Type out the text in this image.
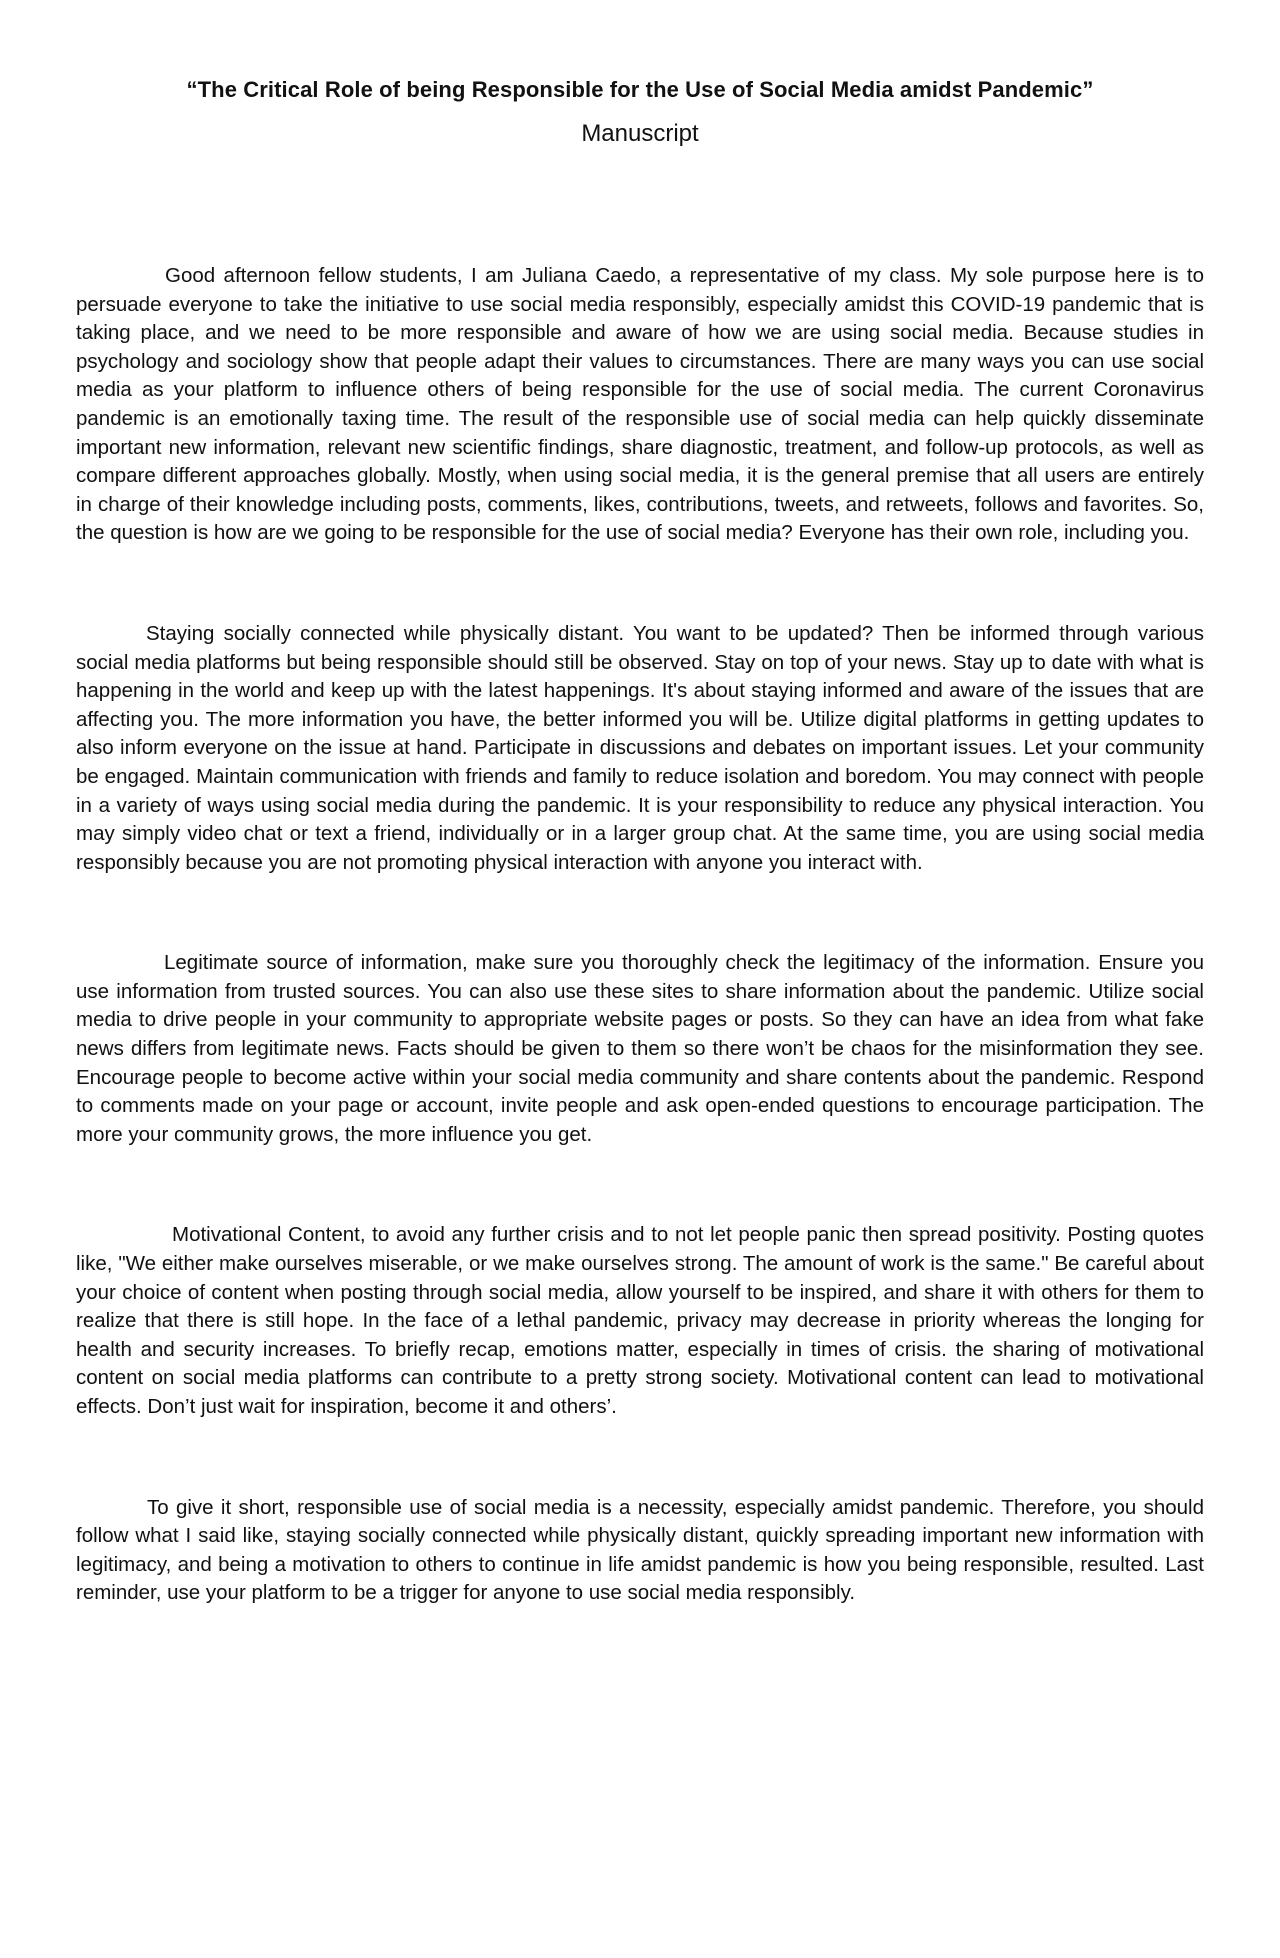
“The Critical Role of being Responsible for the Use of Social Media amidst Pandemic”
Manuscript

Good afternoon fellow students, I am Juliana Caedo, a representative of my class. My sole purpose here is to persuade everyone to take the initiative to use social media responsibly, especially amidst this COVID-19 pandemic that is taking place, and we need to be more responsible and aware of how we are using social media. Because studies in psychology and sociology show that people adapt their values to circumstances. There are many ways you can use social media as your platform to influence others of being responsible for the use of social media. The current Coronavirus pandemic is an emotionally taxing time. The result of the responsible use of social media can help quickly disseminate important new information, relevant new scientific findings, share diagnostic, treatment, and follow-up protocols, as well as compare different approaches globally. Mostly, when using social media, it is the general premise that all users are entirely in charge of their knowledge including posts, comments, likes, contributions, tweets, and retweets, follows and favorites. So, the question is how are we going to be responsible for the use of social media? Everyone has their own role, including you.

Staying socially connected while physically distant. You want to be updated? Then be informed through various social media platforms but being responsible should still be observed. Stay on top of your news. Stay up to date with what is happening in the world and keep up with the latest happenings. It's about staying informed and aware of the issues that are affecting you. The more information you have, the better informed you will be. Utilize digital platforms in getting updates to also inform everyone on the issue at hand. Participate in discussions and debates on important issues. Let your community be engaged. Maintain communication with friends and family to reduce isolation and boredom. You may connect with people in a variety of ways using social media during the pandemic. It is your responsibility to reduce any physical interaction. You may simply video chat or text a friend, individually or in a larger group chat. At the same time, you are using social media responsibly because you are not promoting physical interaction with anyone you interact with.

Legitimate source of information, make sure you thoroughly check the legitimacy of the information. Ensure you use information from trusted sources. You can also use these sites to share information about the pandemic. Utilize social media to drive people in your community to appropriate website pages or posts. So they can have an idea from what fake news differs from legitimate news. Facts should be given to them so there won’t be chaos for the misinformation they see. Encourage people to become active within your social media community and share contents about the pandemic. Respond to comments made on your page or account, invite people and ask open-ended questions to encourage participation. The more your community grows, the more influence you get.

Motivational Content, to avoid any further crisis and to not let people panic then spread positivity. Posting quotes like, "We either make ourselves miserable, or we make ourselves strong. The amount of work is the same." Be careful about your choice of content when posting through social media, allow yourself to be inspired, and share it with others for them to realize that there is still hope. In the face of a lethal pandemic, privacy may decrease in priority whereas the longing for health and security increases. To briefly recap, emotions matter, especially in times of crisis. the sharing of motivational content on social media platforms can contribute to a pretty strong society. Motivational content can lead to motivational effects. Don’t just wait for inspiration, become it and others’.

To give it short, responsible use of social media is a necessity, especially amidst pandemic. Therefore, you should follow what I said like, staying socially connected while physically distant, quickly spreading important new information with legitimacy, and being a motivation to others to continue in life amidst pandemic is how you being responsible, resulted. Last reminder, use your platform to be a trigger for anyone to use social media responsibly.
